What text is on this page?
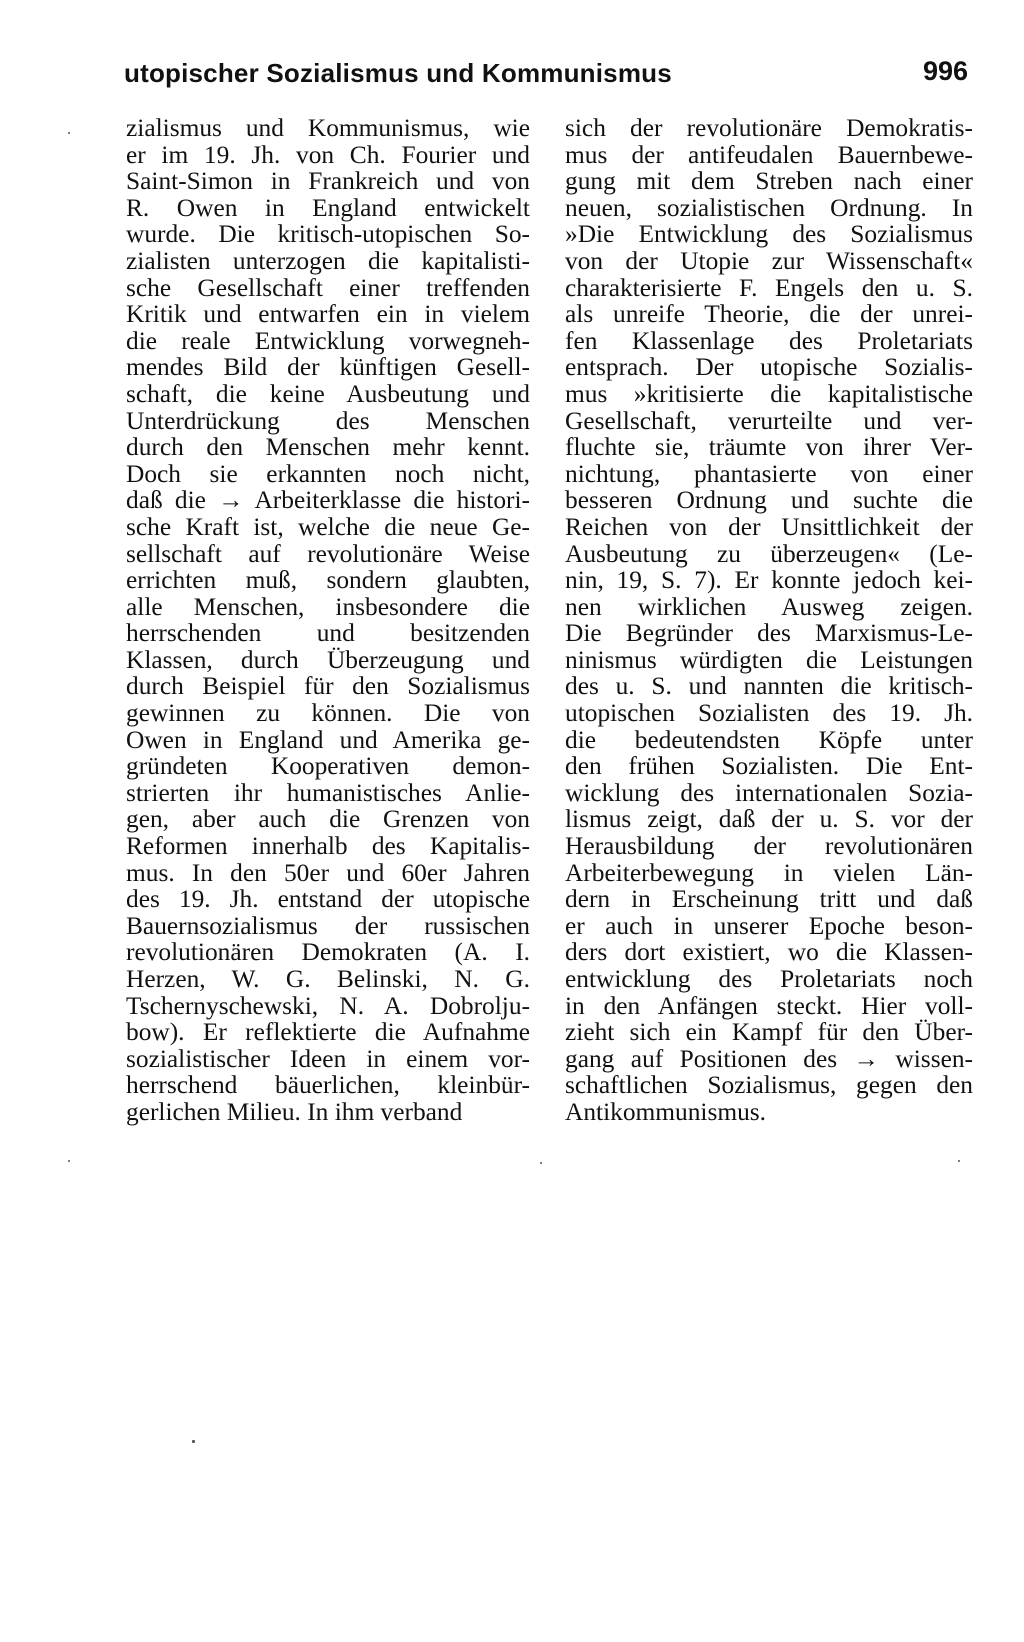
utopischer Sozialismus und Kommunismus	996
zialismus und Kommunismus, wie
er im 19. Jh. von Ch. Fourier und
Saint-Simon in Frankreich und von
R. Owen in England entwickelt
wurde. Die kritisch-utopischen So-
zialisten unterzogen die kapitalisti-
sche Gesellschaft einer treffenden
Kritik und entwarfen ein in vielem
die reale Entwicklung vorwegneh-
mendes Bild der künftigen Gesell-
schaft, die keine Ausbeutung und
Unterdrückung des Menschen
durch den Menschen mehr kennt.
Doch sie erkannten noch nicht,
daß die → Arbeiterklasse die histori-
sche Kraft ist, welche die neue Ge-
sellschaft auf revolutionäre Weise
errichten muß, sondern glaubten,
alle Menschen, insbesondere die
herrschenden und besitzenden
Klassen, durch Überzeugung und
durch Beispiel für den Sozialismus
gewinnen zu können. Die von
Owen in England und Amerika ge-
gründeten Kooperativen demon-
strierten ihr humanistisches Anlie-
gen, aber auch die Grenzen von
Reformen innerhalb des Kapitalis-
mus. In den 50er und 60er Jahren
des 19. Jh. entstand der utopische
Bauernsozialismus der russischen
revolutionären Demokraten (A. I.
Herzen, W. G. Belinski, N. G.
Tschernyschewski, N. A. Dobrolju-
bow). Er reflektierte die Aufnahme
sozialistischer Ideen in einem vor-
herrschend bäuerlichen, kleinbür-
gerlichen Milieu. In ihm verband
sich der revolutionäre Demokratis-
mus der antifeudalen Bauernbewe-
gung mit dem Streben nach einer
neuen, sozialistischen Ordnung. In
»Die Entwicklung des Sozialismus
von der Utopie zur Wissenschaft«
charakterisierte F. Engels den u. S.
als unreife Theorie, die der unrei-
fen Klassenlage des Proletariats
entsprach. Der utopische Sozialis-
mus »kritisierte die kapitalistische
Gesellschaft, verurteilte und ver-
fluchte sie, träumte von ihrer Ver-
nichtung, phantasierte von einer
besseren Ordnung und suchte die
Reichen von der Unsittlichkeit der
Ausbeutung zu überzeugen« (Le-
nin, 19, S. 7). Er konnte jedoch kei-
nen wirklichen Ausweg zeigen.
Die Begründer des Marxismus-Le-
ninismus würdigten die Leistungen
des u. S. und nannten die kritisch-
utopischen Sozialisten des 19. Jh.
die bedeutendsten Köpfe unter
den frühen Sozialisten. Die Ent-
wicklung des internationalen Sozia-
lismus zeigt, daß der u. S. vor der
Herausbildung der revolutionären
Arbeiterbewegung in vielen Län-
dern in Erscheinung tritt und daß
er auch in unserer Epoche beson-
ders dort existiert, wo die Klassen-
entwicklung des Proletariats noch
in den Anfängen steckt. Hier voll-
zieht sich ein Kampf für den Über-
gang auf Positionen des → wissen-
schaftlichen Sozialismus, gegen den
Antikommunismus.
